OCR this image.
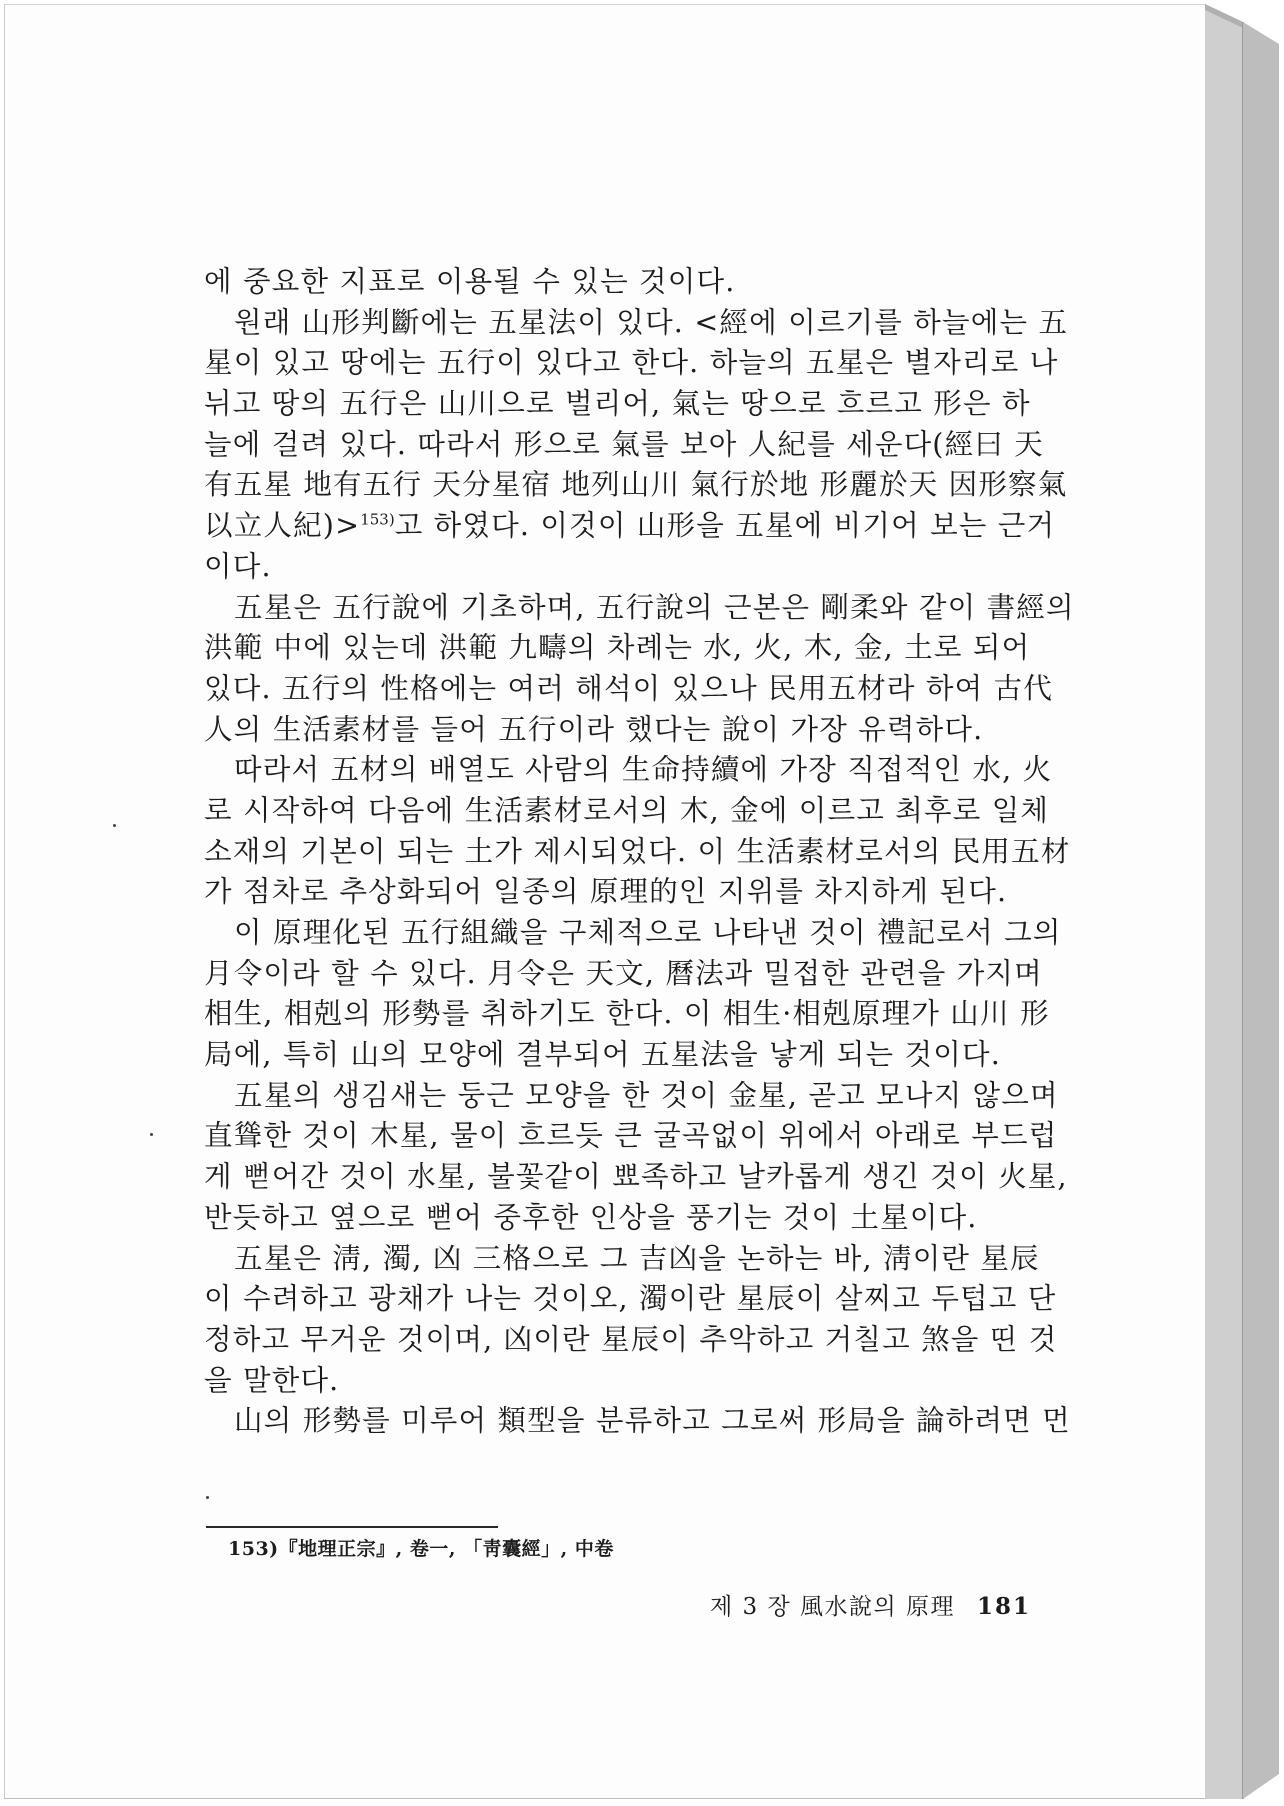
에 중요한 지표로 이용될 수 있는 것이다.
원래 山形判斷에는 五星法이 있다. <經에 이르기를 하늘에는 五
星이 있고 땅에는 五行이 있다고 한다. 하늘의 五星은 별자리로 나
뉘고 땅의 五行은 山川으로 벌리어, 氣는 땅으로 흐르고 形은 하
늘에 걸려 있다. 따라서 形으로 氣를 보아 人紀를 세운다(經曰 天
有五星 地有五行 天分星宿 地列山川 氣行於地 形麗於天 因形察氣
以立人紀)>$^{153)}$고 하였다. 이것이 山形을 五星에 비기어 보는 근거
이다.
五星은 五行說에 기초하며, 五行說의 근본은 剛柔와 같이 書經의
洪範 中에 있는데 洪範 九疇의 차례는 水, 火, 木, 金, 土로 되어
있다. 五行의 性格에는 여러 해석이 있으나 民用五材라 하여 古代
人의 生活素材를 들어 五行이라 했다는 說이 가장 유력하다.
따라서 五材의 배열도 사람의 生命持續에 가장 직접적인 水, 火
로 시작하여 다음에 生活素材로서의 木, 金에 이르고 최후로 일체
소재의 기본이 되는 土가 제시되었다. 이 生活素材로서의 民用五材
가 점차로 추상화되어 일종의 原理的인 지위를 차지하게 된다.
이 原理化된 五行組織을 구체적으로 나타낸 것이 禮記로서 그의
月令이라 할 수 있다. 月令은 天文, 曆法과 밀접한 관련을 가지며
相生, 相剋의 形勢를 취하기도 한다. 이 相生·相剋原理가 山川 形
局에, 특히 山의 모양에 결부되어 五星法을 낳게 되는 것이다.
五星의 생김새는 둥근 모양을 한 것이 金星, 곧고 모나지 않으며
直聳한 것이 木星, 물이 흐르듯 큰 굴곡없이 위에서 아래로 부드럽
게 뻗어간 것이 水星, 불꽃같이 뾰족하고 날카롭게 생긴 것이 火星,
반듯하고 옆으로 뻗어 중후한 인상을 풍기는 것이 土星이다.
五星은 淸, 濁, 凶 三格으로 그 吉凶을 논하는 바, 淸이란 星辰
이 수려하고 광채가 나는 것이오, 濁이란 星辰이 살찌고 두텁고 단
정하고 무거운 것이며, 凶이란 星辰이 추악하고 거칠고 煞을 띤 것
을 말한다.
山의 形勢를 미루어 類型을 분류하고 그로써 形局을 論하려면 먼
153)『地理正宗』, 卷一, 「靑囊經」, 中卷
제 3 장 風水說의 原理 181
